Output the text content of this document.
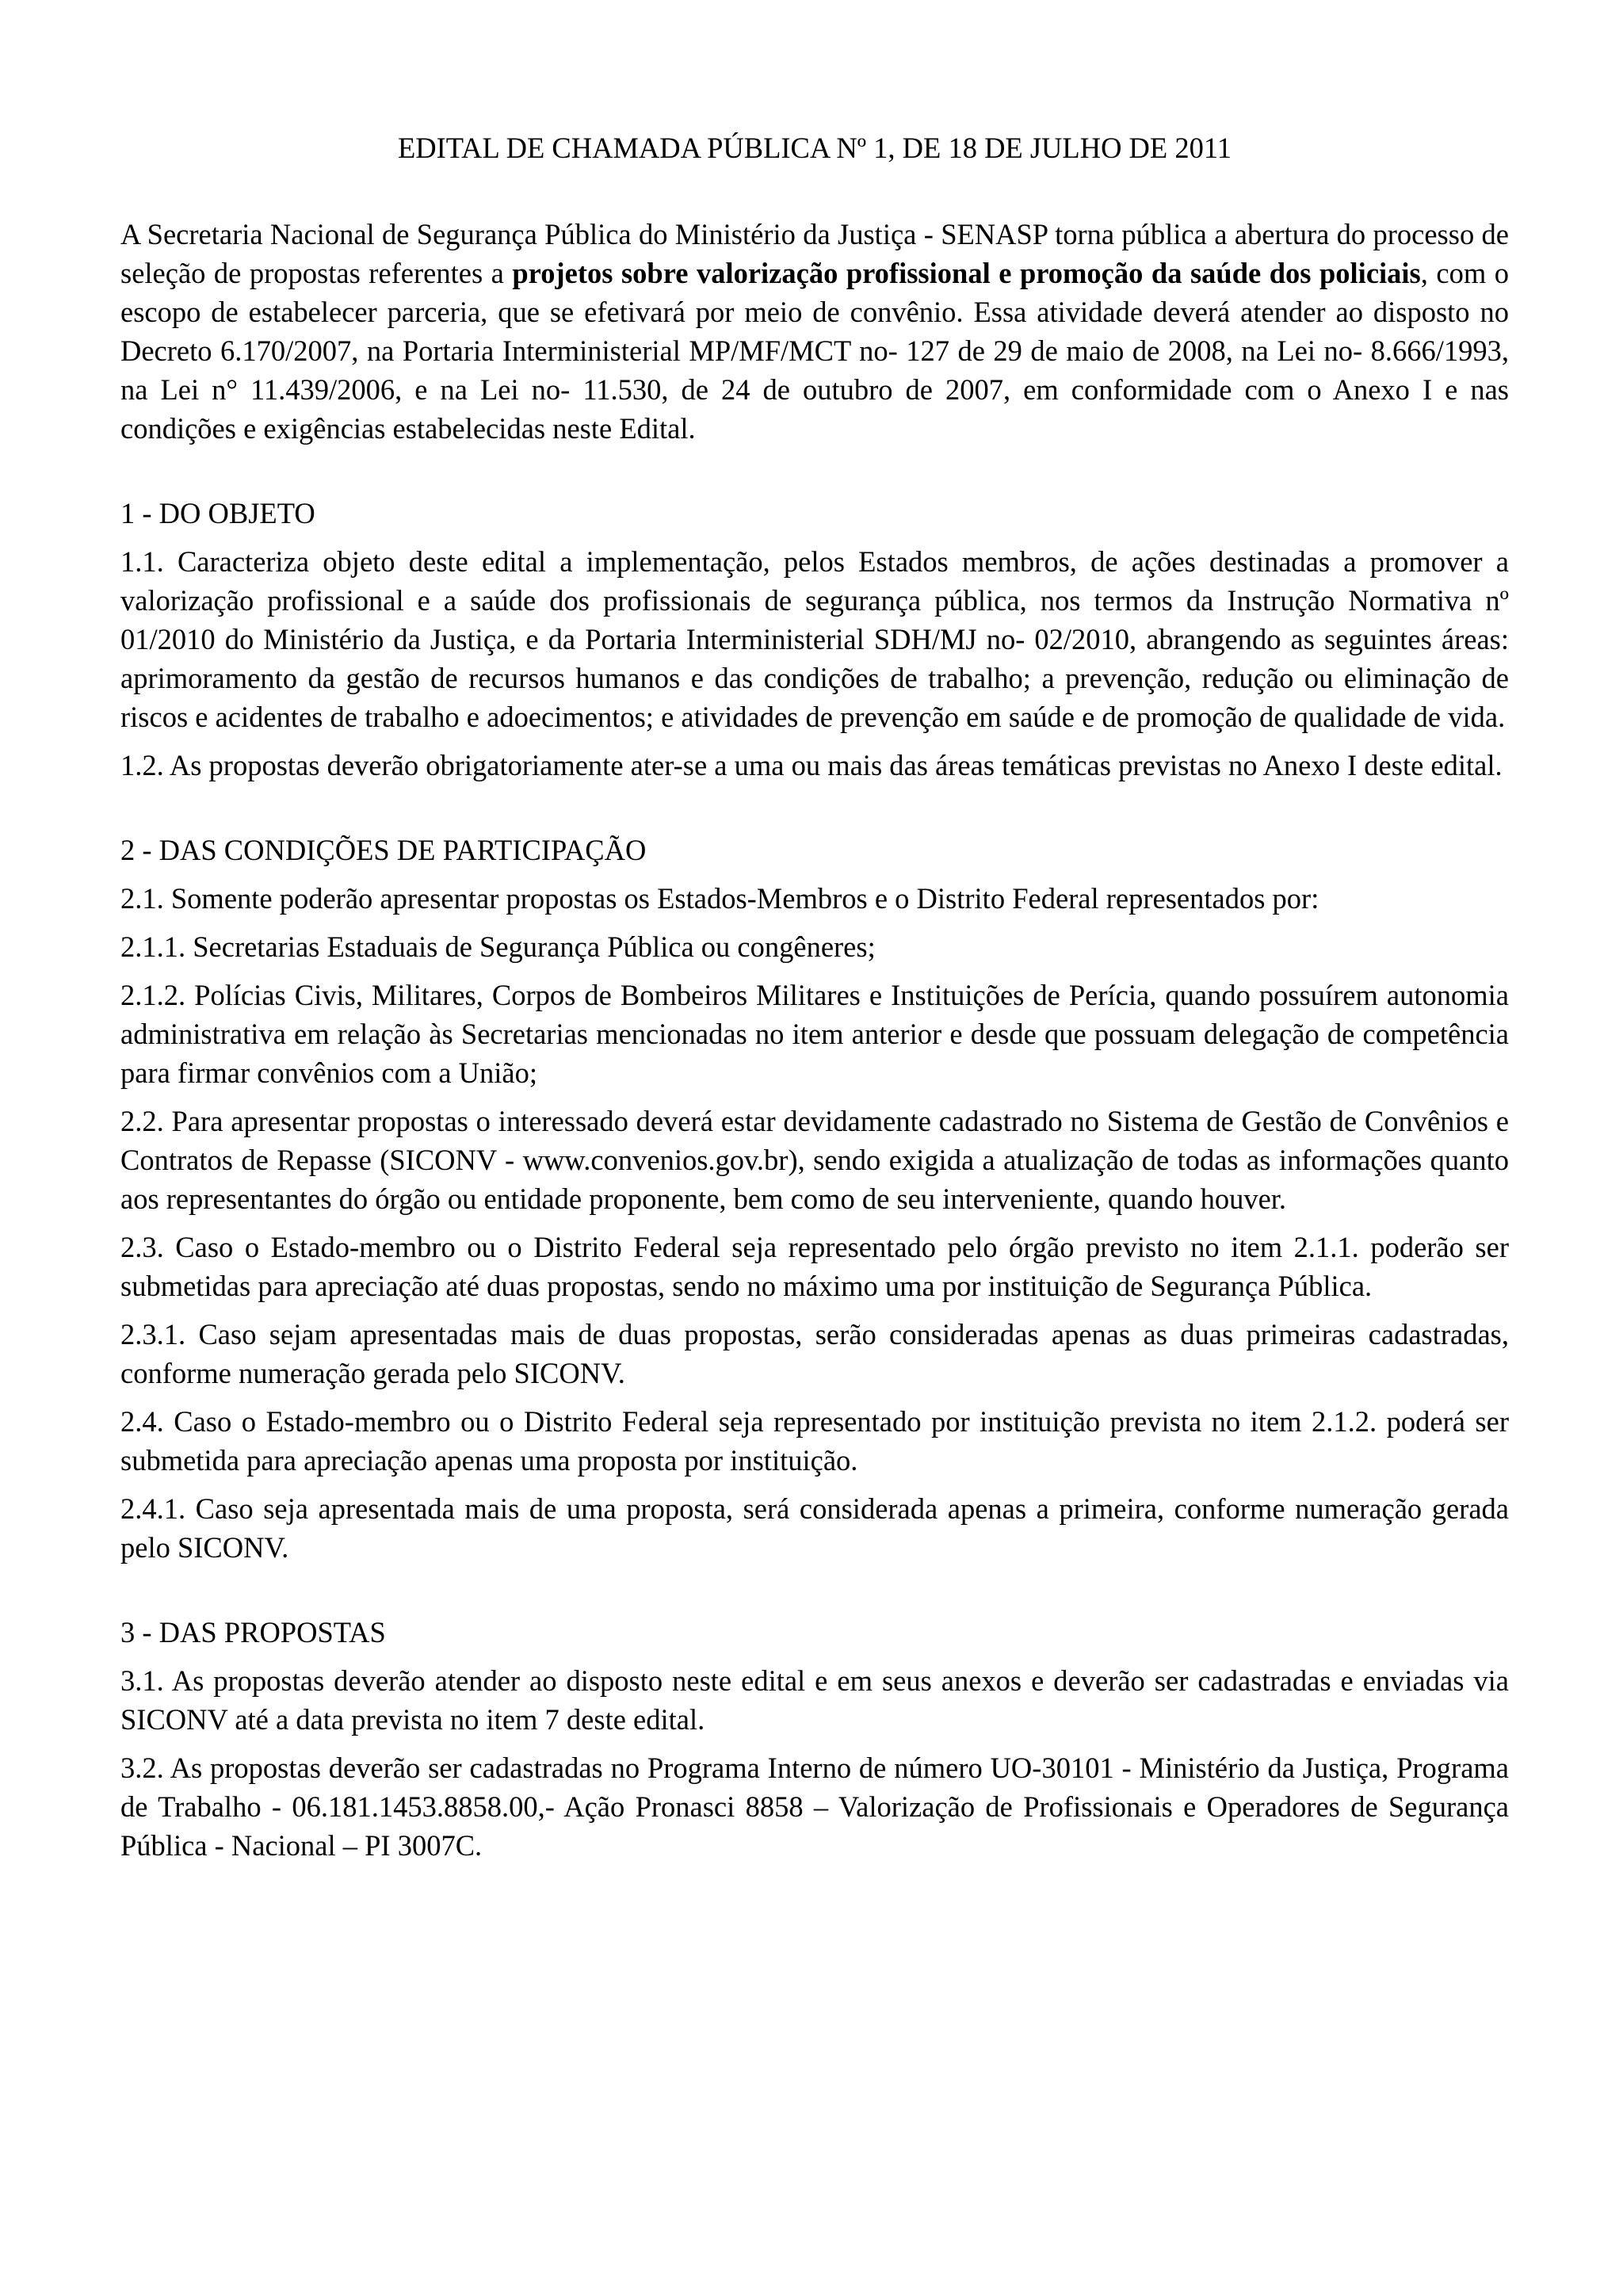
EDITAL DE CHAMADA PÚBLICA Nº 1, DE 18 DE JULHO DE 2011

A Secretaria Nacional de Segurança Pública do Ministério da Justiça - SENASP torna pública a abertura do processo de seleção de propostas referentes a projetos sobre valorização profissional e promoção da saúde dos policiais, com o escopo de estabelecer parceria, que se efetivará por meio de convênio. Essa atividade deverá atender ao disposto no Decreto 6.170/2007, na Portaria Interministerial MP/MF/MCT no- 127 de 29 de maio de 2008, na Lei no- 8.666/1993, na Lei n° 11.439/2006, e na Lei no- 11.530, de 24 de outubro de 2007, em conformidade com o Anexo I e nas condições e exigências estabelecidas neste Edital.

1 - DO OBJETO

1.1. Caracteriza objeto deste edital a implementação, pelos Estados membros, de ações destinadas a promover a valorização profissional e a saúde dos profissionais de segurança pública, nos termos da Instrução Normativa nº 01/2010 do Ministério da Justiça, e da Portaria Interministerial SDH/MJ no- 02/2010, abrangendo as seguintes áreas: aprimoramento da gestão de recursos humanos e das condições de trabalho; a prevenção, redução ou eliminação de riscos e acidentes de trabalho e adoecimentos; e atividades de prevenção em saúde e de promoção de qualidade de vida.

1.2. As propostas deverão obrigatoriamente ater-se a uma ou mais das áreas temáticas previstas no Anexo I deste edital.

2 - DAS CONDIÇÕES DE PARTICIPAÇÃO

2.1. Somente poderão apresentar propostas os Estados-Membros e o Distrito Federal representados por:

2.1.1. Secretarias Estaduais de Segurança Pública ou congêneres;

2.1.2. Polícias Civis, Militares, Corpos de Bombeiros Militares e Instituições de Perícia, quando possuírem autonomia administrativa em relação às Secretarias mencionadas no item anterior e desde que possuam delegação de competência para firmar convênios com a União;

2.2. Para apresentar propostas o interessado deverá estar devidamente cadastrado no Sistema de Gestão de Convênios e Contratos de Repasse (SICONV - www.convenios.gov.br), sendo exigida a atualização de todas as informações quanto aos representantes do órgão ou entidade proponente, bem como de seu interveniente, quando houver.

2.3. Caso o Estado-membro ou o Distrito Federal seja representado pelo órgão previsto no item 2.1.1. poderão ser submetidas para apreciação até duas propostas, sendo no máximo uma por instituição de Segurança Pública.

2.3.1. Caso sejam apresentadas mais de duas propostas, serão consideradas apenas as duas primeiras cadastradas, conforme numeração gerada pelo SICONV.

2.4. Caso o Estado-membro ou o Distrito Federal seja representado por instituição prevista no item 2.1.2. poderá ser submetida para apreciação apenas uma proposta por instituição.

2.4.1. Caso seja apresentada mais de uma proposta, será considerada apenas a primeira, conforme numeração gerada pelo SICONV.

3 - DAS PROPOSTAS

3.1. As propostas deverão atender ao disposto neste edital e em seus anexos e deverão ser cadastradas e enviadas via SICONV até a data prevista no item 7 deste edital.

3.2. As propostas deverão ser cadastradas no Programa Interno de número UO-30101 - Ministério da Justiça, Programa de Trabalho - 06.181.1453.8858.00,- Ação Pronasci 8858 – Valorização de Profissionais e Operadores de Segurança Pública - Nacional – PI 3007C.
